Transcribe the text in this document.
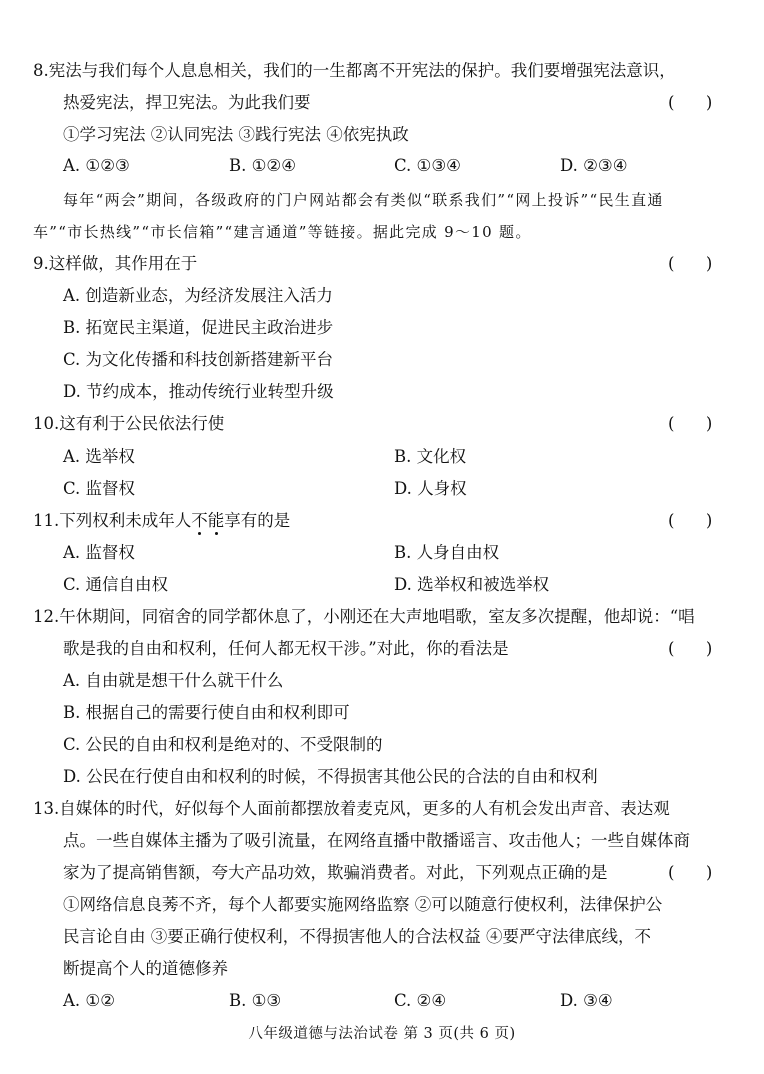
8.宪法与我们每个人息息相关，我们的一生都离不开宪法的保护。我们要增强宪法意识，
热爱宪法，捍卫宪法。为此我们要	(      )
①学习宪法 ②认同宪法 ③践行宪法 ④依宪执政
A. ①②③	B. ①②④	C. ①③④	D. ②③④
每年“两会”期间，各级政府的门户网站都会有类似“联系我们”“网上投诉”“民生直通
车”“市长热线”“市长信箱”“建言通道”等链接。据此完成 9～10 题。
9.这样做，其作用在于	(      )
A. 创造新业态，为经济发展注入活力
B. 拓宽民主渠道，促进民主政治进步
C. 为文化传播和科技创新搭建新平台
D. 节约成本，推动传统行业转型升级
10.这有利于公民依法行使	(      )
A. 选举权	B. 文化权
C. 监督权	D. 人身权
11.下列权利未成年人不能享有的是	(      )
A. 监督权	B. 人身自由权
C. 通信自由权	D. 选举权和被选举权
12.午休期间，同宿舍的同学都休息了，小刚还在大声地唱歌，室友多次提醒，他却说：“唱
歌是我的自由和权利，任何人都无权干涉。”对此，你的看法是	(      )
A. 自由就是想干什么就干什么
B. 根据自己的需要行使自由和权利即可
C. 公民的自由和权利是绝对的、不受限制的
D. 公民在行使自由和权利的时候，不得损害其他公民的合法的自由和权利
13.自媒体的时代，好似每个人面前都摆放着麦克风，更多的人有机会发出声音、表达观
点。一些自媒体主播为了吸引流量，在网络直播中散播谣言、攻击他人；一些自媒体商
家为了提高销售额，夸大产品功效，欺骗消费者。对此，下列观点正确的是	(      )
①网络信息良莠不齐，每个人都要实施网络监察 ②可以随意行使权利，法律保护公
民言论自由 ③要正确行使权利，不得损害他人的合法权益 ④要严守法律底线，不
断提高个人的道德修养
A. ①②	B. ①③	C. ②④	D. ③④
八年级道德与法治试卷 第 3 页(共 6 页)
